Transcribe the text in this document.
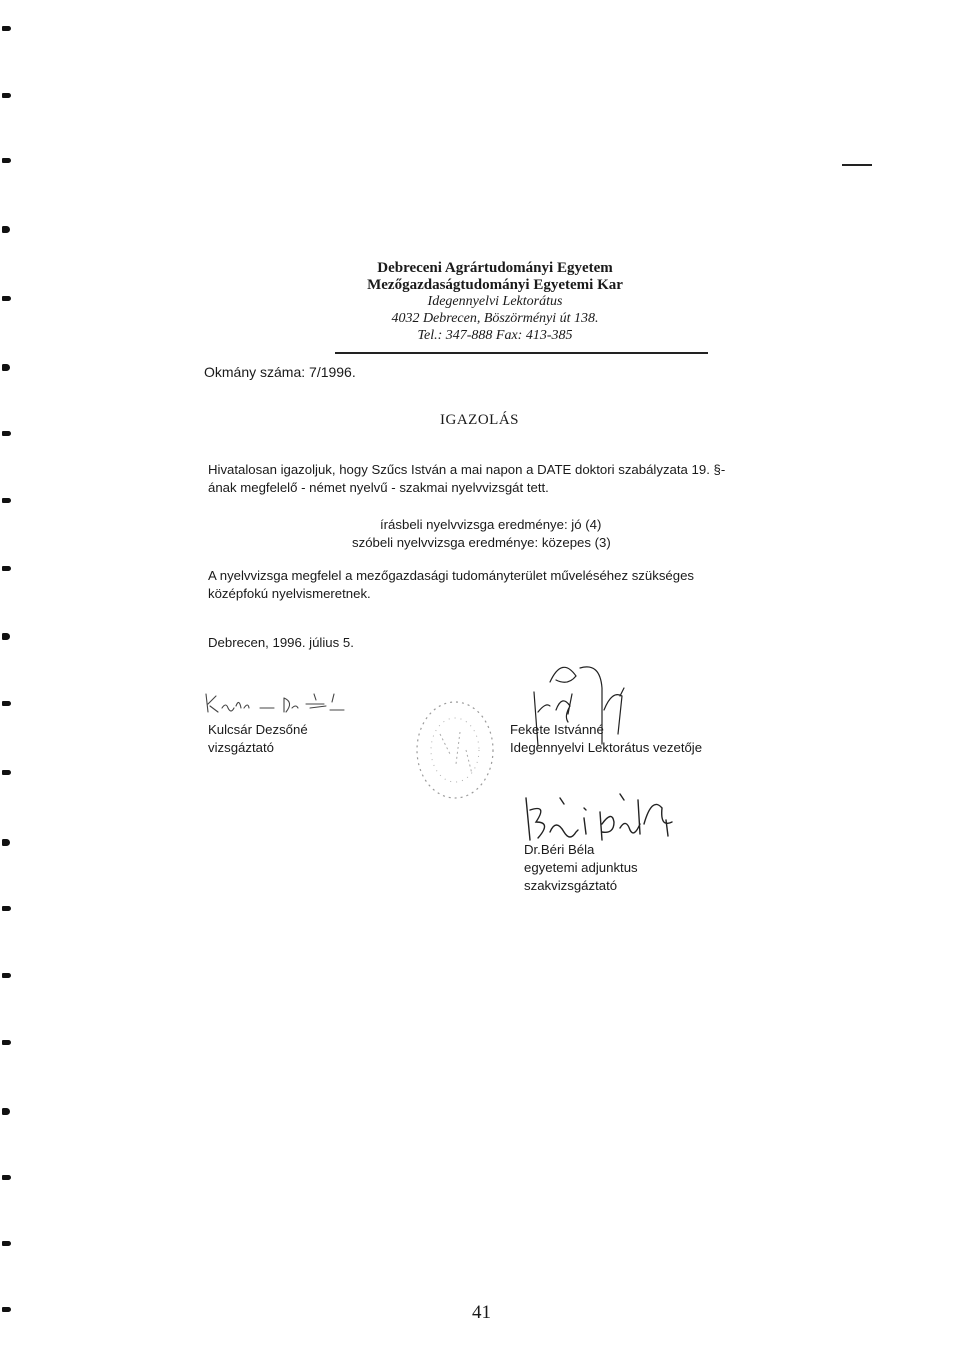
Debreceni Agrártudományi Egyetem
Mezőgazdaságtudományi Egyetemi Kar
Idegennyelvi Lektorátus
4032 Debrecen, Böszörményi út 138.
Tel.: 347-888 Fax: 413-385
Okmány száma: 7/1996.
IGAZOLÁS
Hivatalosan igazoljuk, hogy Szűcs István a mai napon a DATE doktori szabályzata 19. §-
ának megfelelő - német nyelvű - szakmai nyelvvizsgát tett.
írásbeli nyelvvizsga eredménye: jó (4)
szóbeli nyelvvizsga eredménye: közepes (3)
A nyelvvizsga megfelel a mezőgazdasági tudományterület műveléséhez szükséges
középfokú nyelvismeretnek.
Debrecen, 1996. július 5.
Kulcsár Dezsőné
vizsgáztató
Fekete Istvánné
Idegennyelvi Lektorátus vezetője
Dr.Béri Béla
egyetemi adjunktus
szakvizsgáztató
41
